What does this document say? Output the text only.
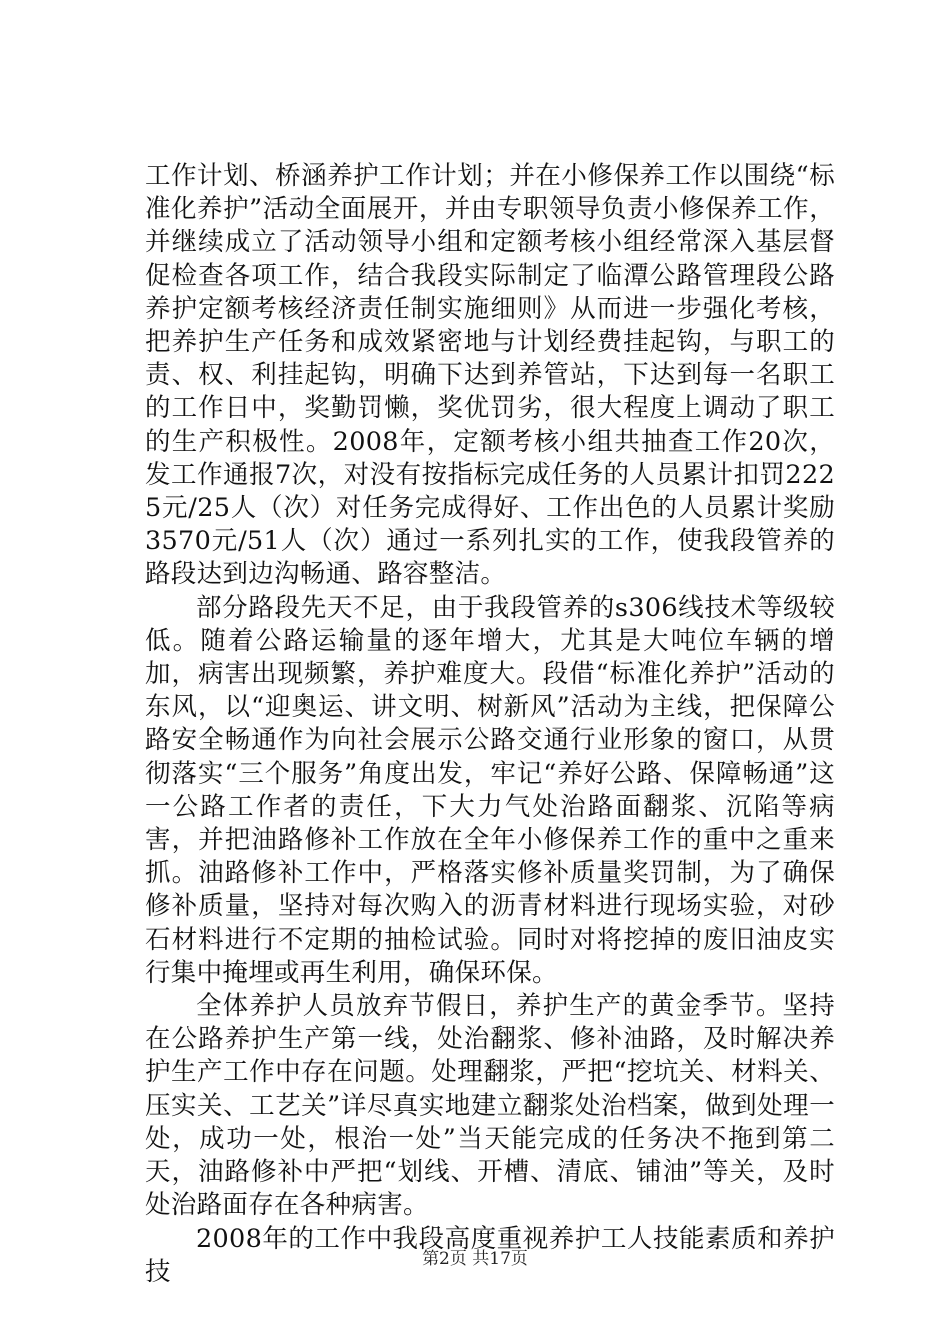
工作计划、桥涵养护工作计划；并在小修保养工作以围绕“标准化养护”活动全面展开，并由专职领导负责小修保养工作，并继续成立了活动领导小组和定额考核小组经常深入基层督促检查各项工作，结合我段实际制定了临潭公路管理段公路养护定额考核经济责任制实施细则》从而进一步强化考核，把养护生产任务和成效紧密地与计划经费挂起钩，与职工的责、权、利挂起钩，明确下达到养管站，下达到每一名职工的工作日中，奖勤罚懒，奖优罚劣，很大程度上调动了职工的生产积极性。2008年，定额考核小组共抽查工作20次，发工作通报7次，对没有按指标完成任务的人员累计扣罚2225元/25人（次）对任务完成得好、工作出色的人员累计奖励3570元/51人（次）通过一系列扎实的工作，使我段管养的路段达到边沟畅通、路容整洁。

部分路段先天不足，由于我段管养的s306线技术等级较低。随着公路运输量的逐年增大，尤其是大吨位车辆的增加，病害出现频繁，养护难度大。段借“标准化养护”活动的东风，以“迎奥运、讲文明、树新风”活动为主线，把保障公路安全畅通作为向社会展示公路交通行业形象的窗口，从贯彻落实“三个服务”角度出发，牢记“养好公路、保障畅通”这一公路工作者的责任，下大力气处治路面翻浆、沉陷等病害，并把油路修补工作放在全年小修保养工作的重中之重来抓。油路修补工作中，严格落实修补质量奖罚制，为了确保修补质量，坚持对每次购入的沥青材料进行现场实验，对砂石材料进行不定期的抽检试验。同时对将挖掉的废旧油皮实行集中掩埋或再生利用，确保环保。

全体养护人员放弃节假日，养护生产的黄金季节。坚持在公路养护生产第一线，处治翻浆、修补油路，及时解决养护生产工作中存在问题。处理翻浆，严把“挖坑关、材料关、压实关、工艺关”详尽真实地建立翻浆处治档案，做到处理一处，成功一处，根治一处”当天能完成的任务决不拖到第二天，油路修补中严把“划线、开槽、清底、铺油”等关，及时处治路面存在各种病害。

2008年的工作中我段高度重视养护工人技能素质和养护技	第2页 共17页
